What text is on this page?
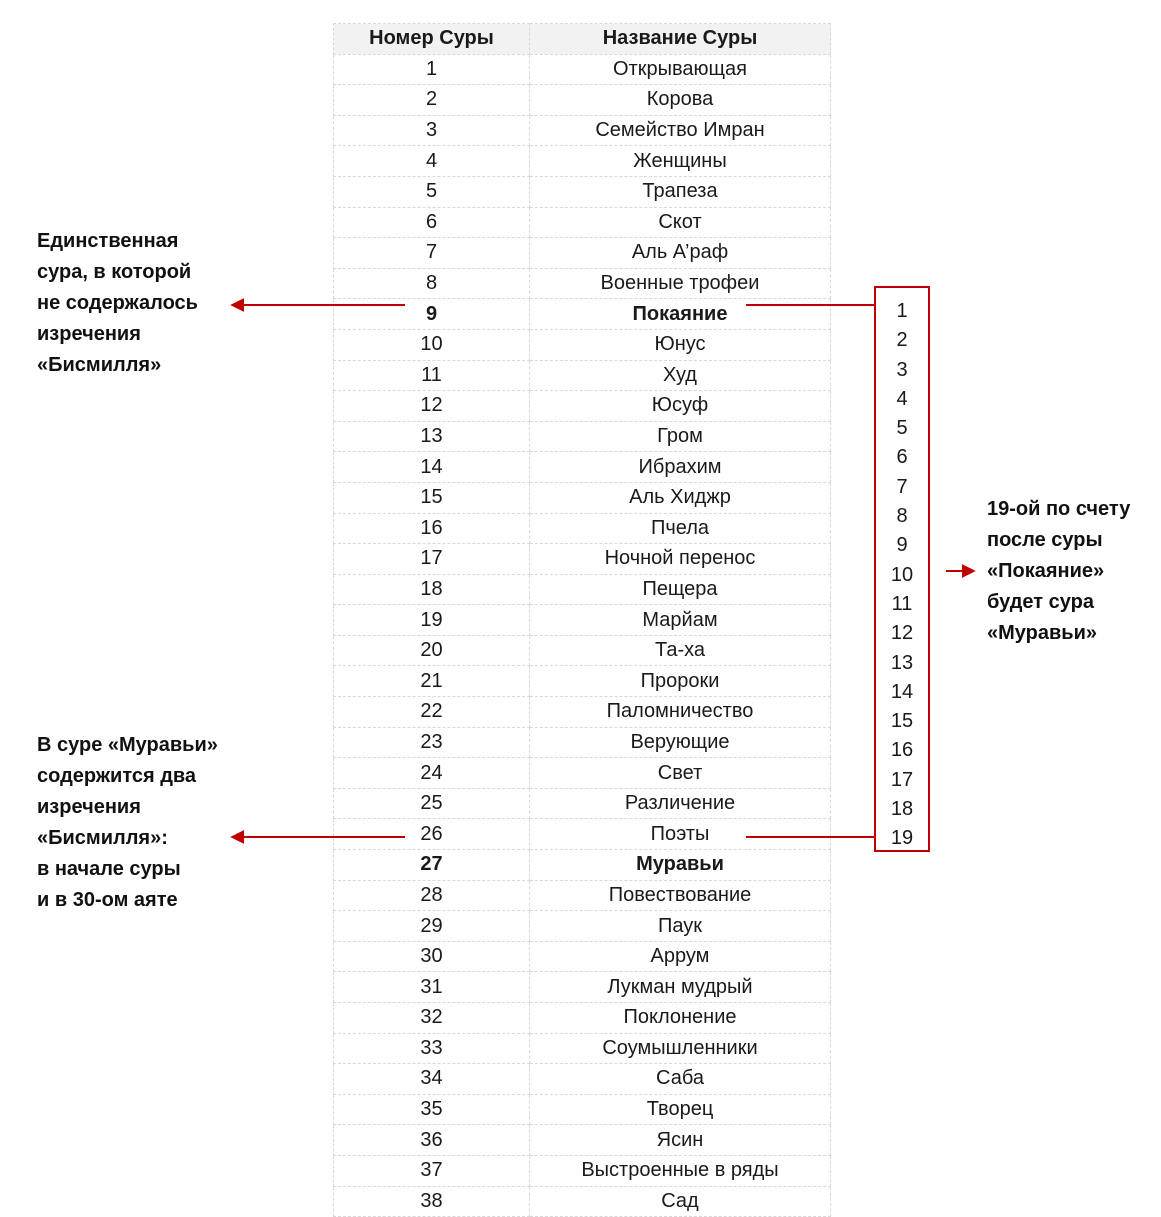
Номер Суры	Название Суры
1	Открывающая
2	Корова
3	Семейство Имран
4	Женщины
5	Трапеза
6	Скот
7	Аль А’раф
8	Военные трофеи
9	Покаяние
10	Юнус
11	Худ
12	Юсуф
13	Гром
14	Ибрахим
15	Аль Хиджр
16	Пчела
17	Ночной перенос
18	Пещера
19	Марйам
20	Та-ха
21	Пророки
22	Паломничество
23	Верующие
24	Свет
25	Различение
26	Поэты
27	Муравьи
28	Повествование
29	Паук
30	Аррум
31	Лукман мудрый
32	Поклонение
33	Соумышленники
34	Саба
35	Творец
36	Ясин
37	Выстроенные в ряды
38	Сад
Единственная
сура, в которой
не содержалось
изречения
«Бисмилля»
В суре «Муравьи»
содержится два
изречения
«Бисмилля»:
в начале суры
и в 30-ом аяте
19-ой по счету
после суры
«Покаяние»
будет сура
«Муравьи»
1
2
3
4
5
6
7
8
9
10
11
12
13
14
15
16
17
18
19
